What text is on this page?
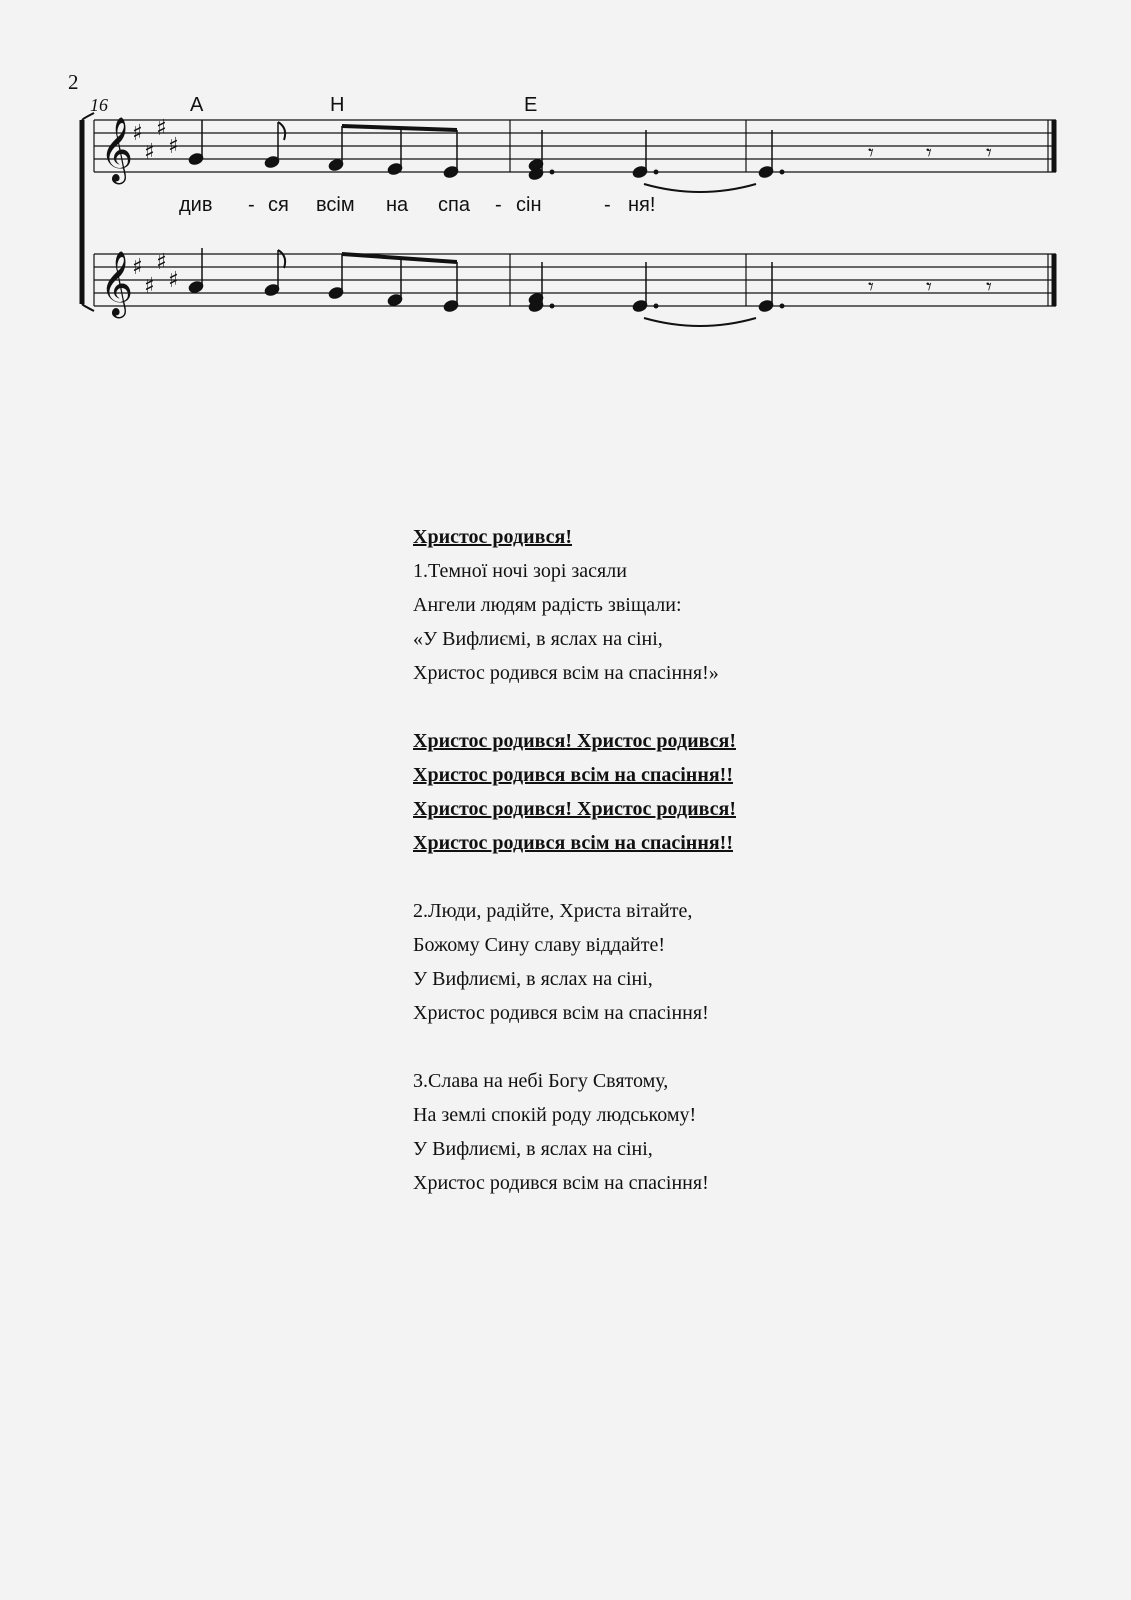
2
16	A	H	E
𝄞
𝄞
♯
♯
♯
♯
♯
♯
♯
♯
𝄾 𝄾 𝄾
𝄾 𝄾 𝄾
див - ся всім на спа - сін	- ня!
Христос родився!
1.Темної ночі зорі засяли
Ангели людям радість звіщали:
«У Вифлиємі, в яслах на сіні,
Христос родився всім на спасіння!»
Христос родився! Христос родився!
Христос родився всім на спасіння!!
Христос родився! Христос родився!
Христос родився всім на спасіння!!
2.Люди, радійте, Христа вітайте,
Божому Сину славу віддайте!
У Вифлиємі, в яслах на сіні,
Христос родився всім на спасіння!
3.Слава на небі Богу Святому,
На землі спокій роду людському!
У Вифлиємі, в яслах на сіні,
Христос родився всім на спасіння!
